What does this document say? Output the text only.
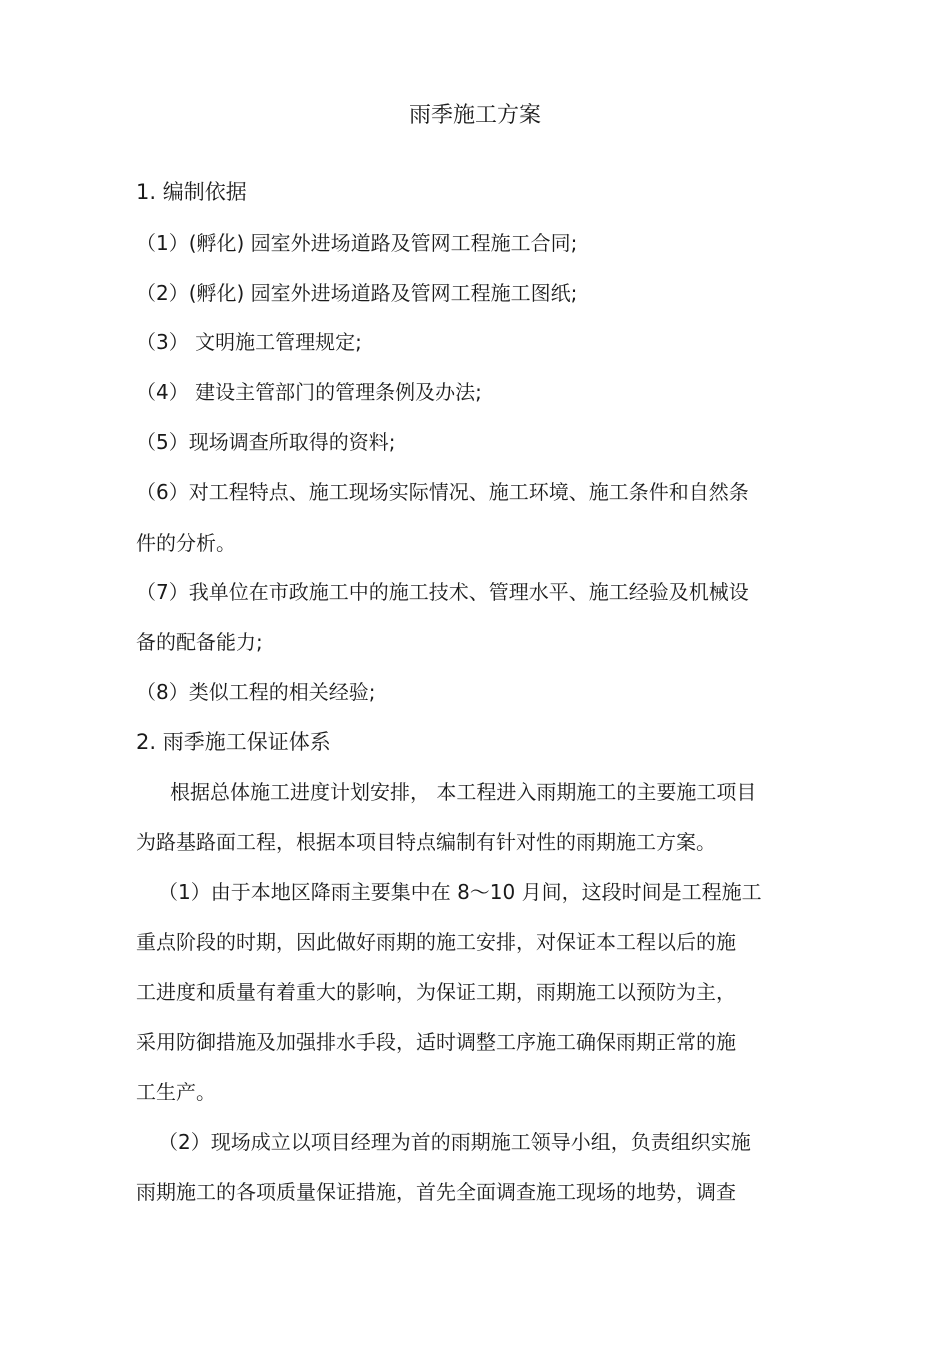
雨季施工方案
1. 编制依据
（1）(孵化) 园室外进场道路及管网工程施工合同;
（2）(孵化) 园室外进场道路及管网工程施工图纸;
（3） 文明施工管理规定;
（4） 建设主管部门的管理条例及办法;
（5）现场调查所取得的资料;
（6）对工程特点、施工现场实际情况、施工环境、施工条件和自然条
件的分析。
（7）我单位在市政施工中的施工技术、管理水平、施工经验及机械设
备的配备能力;
（8）类似工程的相关经验;
2. 雨季施工保证体系
根据总体施工进度计划安排， 本工程进入雨期施工的主要施工项目
为路基路面工程，根据本项目特点编制有针对性的雨期施工方案。
（1）由于本地区降雨主要集中在 8～10 月间，这段时间是工程施工
重点阶段的时期，因此做好雨期的施工安排，对保证本工程以后的施
工进度和质量有着重大的影响，为保证工期，雨期施工以预防为主，
采用防御措施及加强排水手段，适时调整工序施工确保雨期正常的施
工生产。
（2）现场成立以项目经理为首的雨期施工领导小组，负责组织实施
雨期施工的各项质量保证措施，首先全面调查施工现场的地势，调查
